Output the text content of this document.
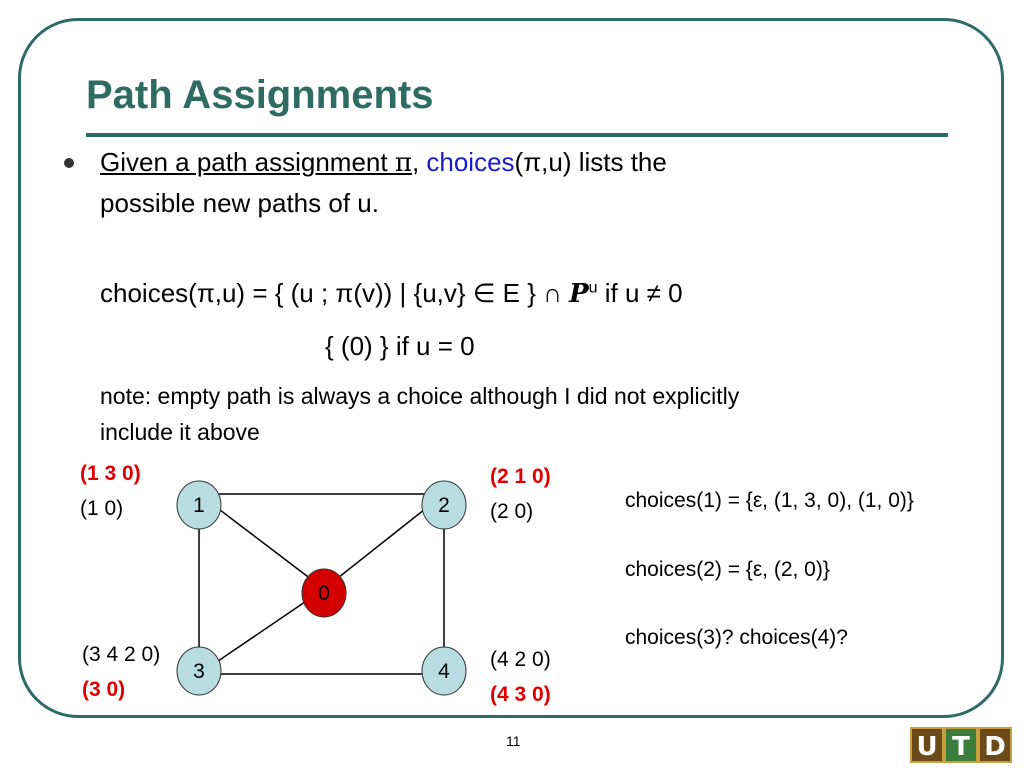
Path Assignments
Given a path assignment π, choices(π,u) lists the
possible new paths of u.
choices(π,u) = { (u ; π(v)) | {u,v} ∈ E } ∩ $P^u$ if u ≠ 0
{ (0) } if u = 0
note: empty path is always a choice although I did not explicitly
include it above
1	2
0
3	4
(1 3 0)
(1 0)
(2 1 0)
(2 0)
(3 4 2 0)
(3 0)
(4 2 0)
(4 3 0)
choices(1) = {ε, (1, 3, 0), (1, 0)}
choices(2) = {ε, (2, 0)}
choices(3)? choices(4)?
11	U T D
